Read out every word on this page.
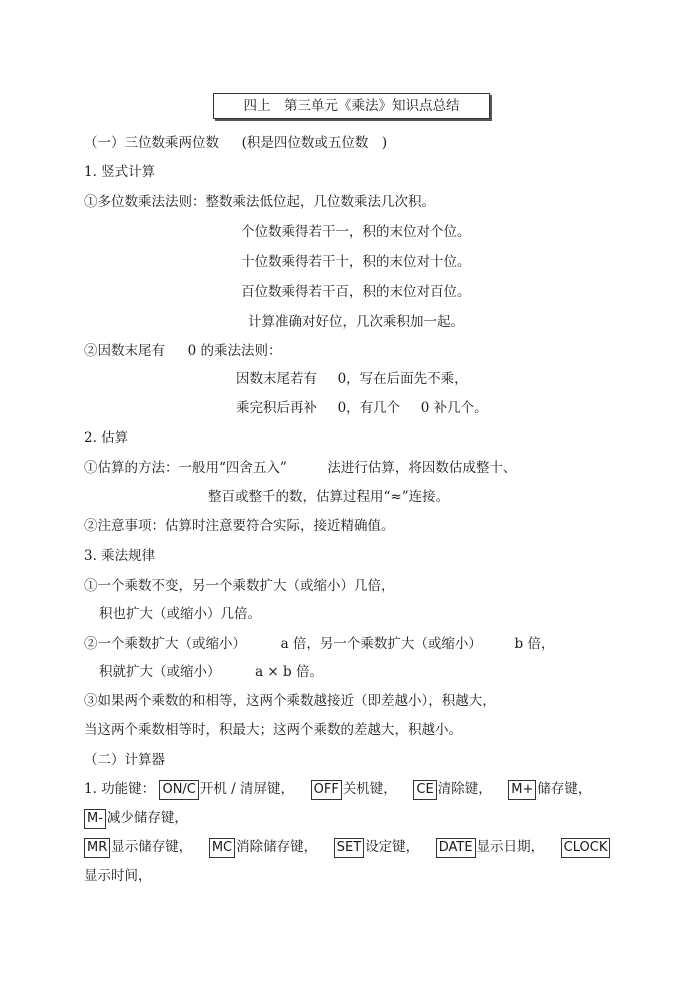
四上　第三单元《乘法》知识点总结
（一）三位数乘两位数 (积是四位数或五位数　)
1. 竖式计算
①多位数乘法法则：整数乘法低位起，几位数乘法几次积。
个位数乘得若干一，积的末位对个位。
十位数乘得若干十，积的末位对十位。
百位数乘得若干百，积的末位对百位。
计算准确对好位，几次乘积加一起。
②因数末尾有 0 的乘法法则：
因数末尾若有 0，写在后面先不乘，
乘完积后再补 0，有几个 0 补几个。
2. 估算
①估算的方法：一般用“四舍五入”	法进行估算，将因数估成整十、
整百或整千的数，估算过程用“≈”连接。
②注意事项：估算时注意要符合实际，接近精确值。
3. 乘法规律
①一个乘数不变，另一个乘数扩大（或缩小）几倍，
积也扩大（或缩小）几倍。
②一个乘数扩大（或缩小）	a 倍，另一个乘数扩大（或缩小） b 倍，
积就扩大（或缩小）	a × b 倍。
③如果两个乘数的和相等，这两个乘数越接近（即差越小），积越大，
当这两个乘数相等时，积最大；这两个乘数的差越大，积越小。
（二）计算器
1. 功能键： ON/C 开机 / 清屏键， OFF 关机键， CE 清除键， M+ 储存键，
M- 减少储存键，
MR 显示储存键， MC 消除储存键， SET 设定键， DATE 显示日期， CLOCK
显示时间，
